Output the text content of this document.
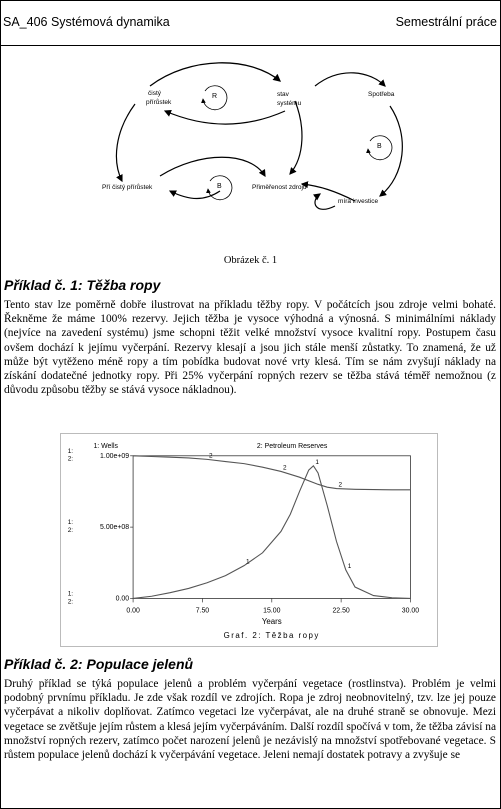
SA_406 Systémová dynamika	Semestrální práce
čistý přírůstek
stav systému
Spotřeba
Pří čistý přírůstek	Přiměřenost zdrojů
míra investice
R
B
B
Obrázek č. 1
Příklad č. 1: Těžba ropy
Tento stav lze poměrně dobře ilustrovat na příkladu těžby ropy. V počátcích jsou zdroje velmi bohaté. Řekněme že máme 100% rezervy. Jejich těžba je vysoce výhodná a výnosná. S minimálními náklady (nejvíce na zavedení systému) jsme schopni těžit velké množství vysoce kvalitní ropy. Postupem času ovšem dochází k jejímu vyčerpání. Rezervy klesají a jsou jich stále menší zůstatky. To znamená, že už může být vytěženo méně ropy a tím pobídka budovat nové vrty klesá. Tím se nám zvyšují náklady na získání dodatečné jednotky ropy. Při 25% vyčerpání ropných rezerv se těžba stává téměř nemožnou (z důvodu způsobu těžby se stává vysoce nákladnou).
0.00	7.50	15.00	22.50	30.00
1:
2:	1.00e+09
1:
2:	5.00e+08
1:
2:	0.00
1: Wells	2: Petroleum Reserves
1
1
1
2
2
2
Years
Graf. 2: Těžba ropy
Příklad č. 2: Populace jelenů
Druhý příklad se týká populace jelenů a problém vyčerpání vegetace (rostlinstva). Problém je velmi podobný prvnímu příkladu. Je zde však rozdíl ve zdrojích. Ropa je zdroj neobnovitelný, tzv. lze jej pouze vyčerpávat a nikoliv doplňovat. Zatímco vegetaci lze vyčerpávat, ale na druhé straně se obnovuje. Mezi vegetace se zvětšuje jejím růstem a klesá jejím vyčerpáváním. Další rozdíl spočívá v tom, že těžba závisí na množství ropných rezerv, zatímco počet narození jelenů je nezávislý na množství spotřebované vegetace. S růstem populace jelenů dochází k vyčerpávání vegetace. Jeleni nemají dostatek potravy a zvyšuje se
